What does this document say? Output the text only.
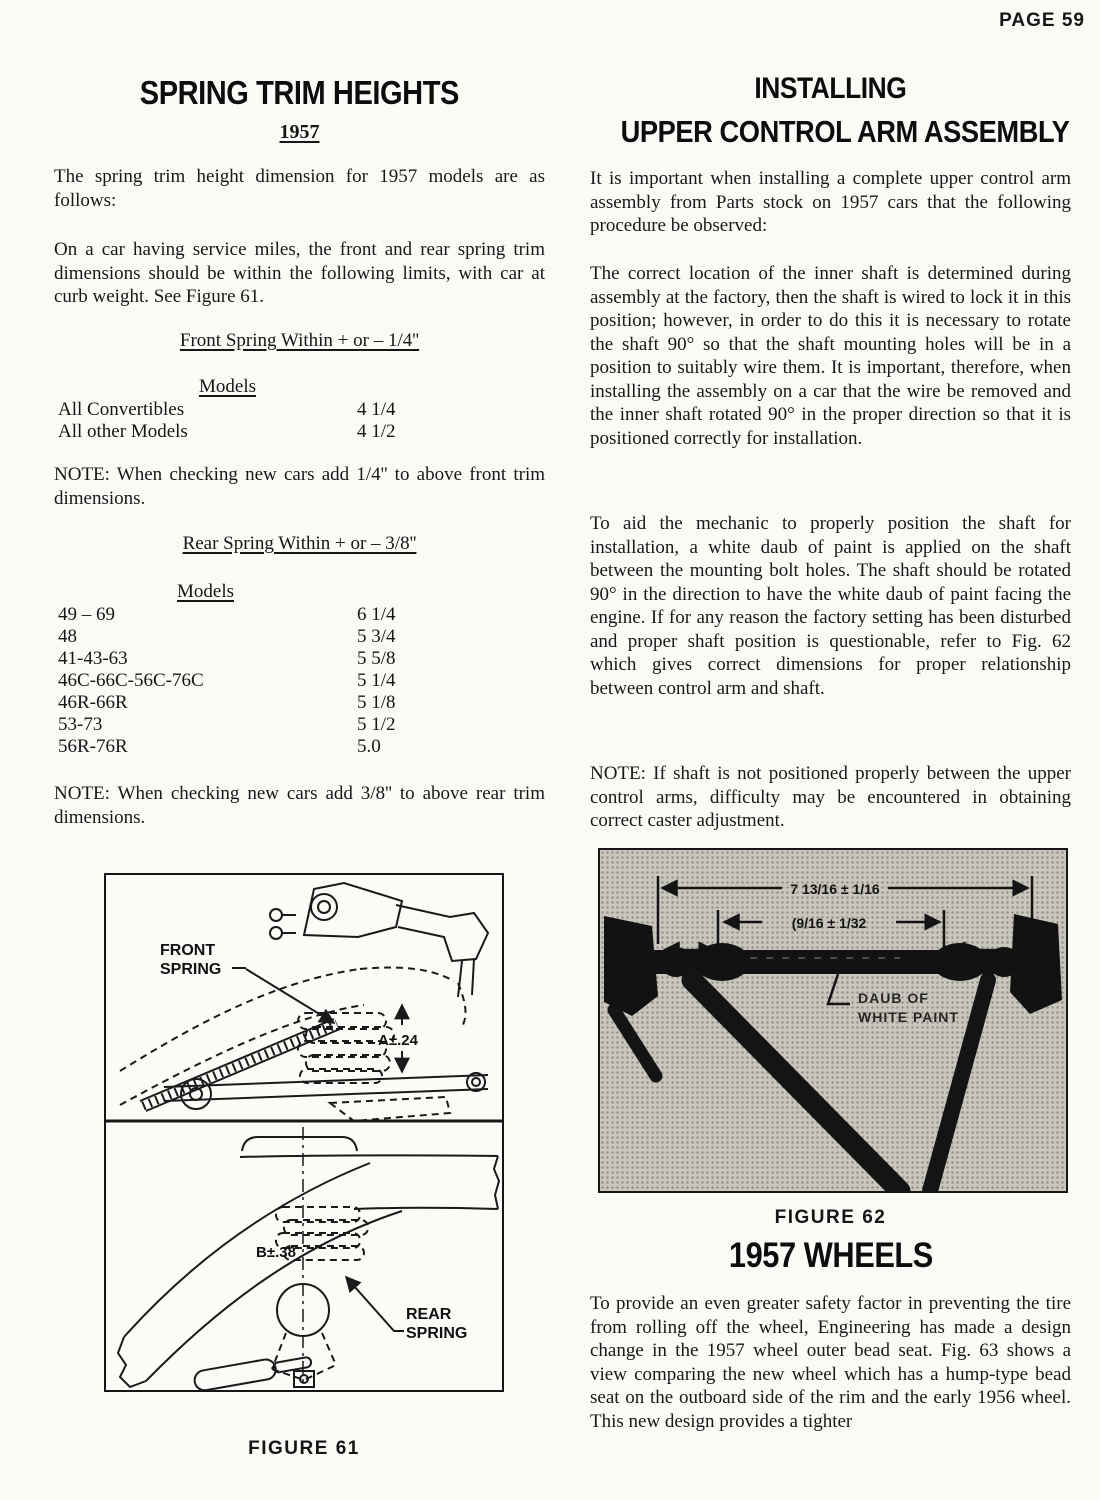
PAGE 59
SPRING TRIM HEIGHTS
1957

The spring trim height dimension for 1957 models are as follows:

On a car having service miles, the front and rear spring trim dimensions should be within the following limits, with car at curb weight. See Figure 61.

Front Spring Within + or – 1/4''
Models
All Convertibles	4 1/4
All other Models	4 1/2

NOTE: When checking new cars add 1/4'' to above front trim dimensions.

Rear Spring Within + or – 3/8''
Models
49 – 69	6 1/4
48	5 3/4
41-43-63	5 5/8
46C-66C-56C-76C	5 1/4
46R-66R	5 1/8
53-73	5 1/2
56R-76R	5.0

NOTE: When checking new cars add 3/8'' to above rear trim dimensions.

FRONT
SPRING
A±.24
B±.38
REAR
SPRING
FIGURE 61
INSTALLING
UPPER CONTROL ARM ASSEMBLY

It is important when installing a complete upper control arm assembly from Parts stock on 1957 cars that the following procedure be observed:

The correct location of the inner shaft is determined during assembly at the factory, then the shaft is wired to lock it in this position; however, in order to do this it is necessary to rotate the shaft 90° so that the shaft mounting holes will be in a position to suitably wire them. It is important, therefore, when installing the assembly on a car that the wire be removed and the inner shaft rotated 90° in the proper direction so that it is positioned correctly for installation.

To aid the mechanic to properly position the shaft for installation, a white daub of paint is applied on the shaft between the mounting bolt holes. The shaft should be rotated 90° in the direction to have the white daub of paint facing the engine. If for any reason the factory setting has been disturbed and proper shaft position is questionable, refer to Fig. 62 which gives correct dimensions for proper relationship between control arm and shaft.

NOTE: If shaft is not positioned properly between the upper control arms, difficulty may be encountered in obtaining correct caster adjustment.

1957 WHEELS

To provide an even greater safety factor in preventing the tire from rolling off the wheel, Engineering has made a design change in the 1957 wheel outer bead seat. Fig. 63 shows a view comparing the new wheel which has a hump-type bead seat on the outboard side of the rim and the early 1956 wheel. This new design provides a tighter

7 13/16 ± 1/16
(9/16 ± 1/32
DAUB OF
WHITE PAINT
FIGURE 62
